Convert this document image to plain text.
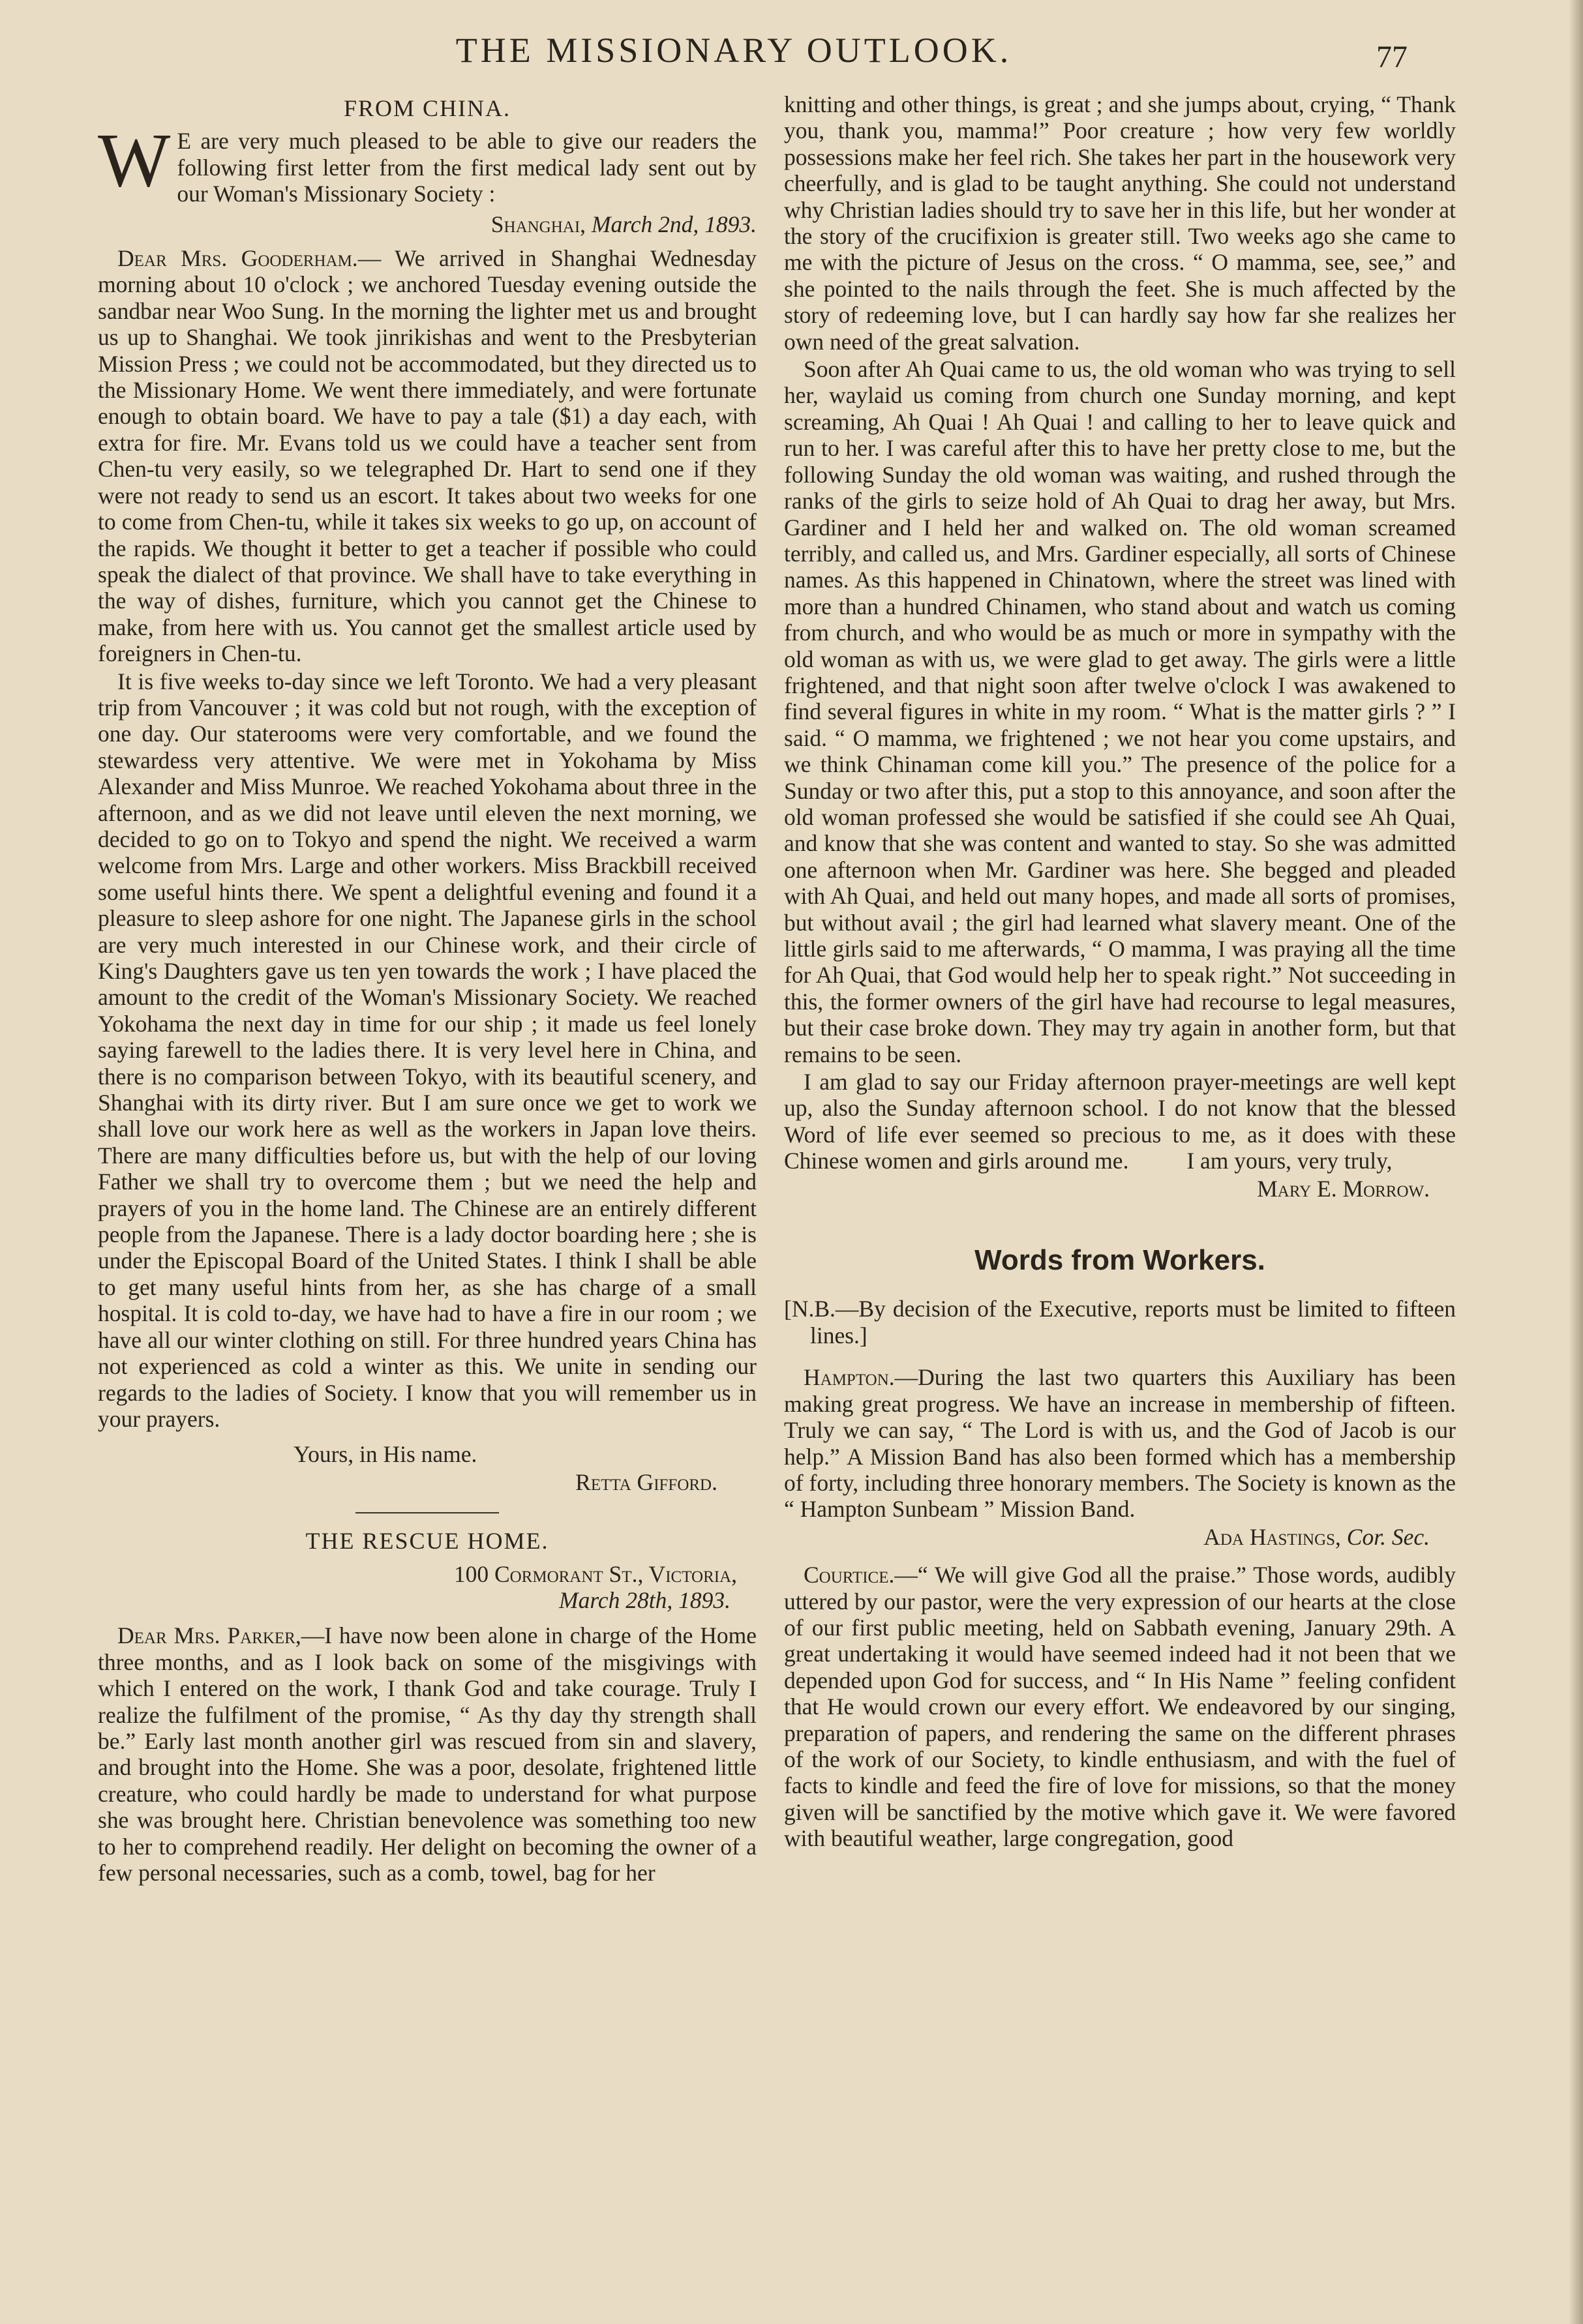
THE MISSIONARY OUTLOOK.	77
FROM CHINA.

W E are very much pleased to be able to give our readers the following first letter from the first medical lady sent out by our Woman's Missionary Society :

Shanghai, March 2nd, 1893.

Dear Mrs. Gooderham.— We arrived in Shanghai Wednesday morning about 10 o'clock ; we anchored Tuesday evening outside the sandbar near Woo Sung. In the morning the lighter met us and brought us up to Shanghai. We took jinrikishas and went to the Presbyterian Mission Press ; we could not be accommodated, but they directed us to the Missionary Home. We went there immediately, and were fortunate enough to obtain board. We have to pay a tale ($1) a day each, with extra for fire. Mr. Evans told us we could have a teacher sent from Chen-tu very easily, so we telegraphed Dr. Hart to send one if they were not ready to send us an escort. It takes about two weeks for one to come from Chen-tu, while it takes six weeks to go up, on account of the rapids. We thought it better to get a teacher if possible who could speak the dialect of that province. We shall have to take everything in the way of dishes, furniture, which you cannot get the Chinese to make, from here with us. You cannot get the smallest article used by foreigners in Chen-tu.

It is five weeks to-day since we left Toronto. We had a very pleasant trip from Vancouver ; it was cold but not rough, with the exception of one day. Our staterooms were very comfortable, and we found the stewardess very attentive. We were met in Yokohama by Miss Alexander and Miss Munroe. We reached Yokohama about three in the afternoon, and as we did not leave until eleven the next morning, we decided to go on to Tokyo and spend the night. We received a warm welcome from Mrs. Large and other workers. Miss Brackbill received some useful hints there. We spent a delightful evening and found it a pleasure to sleep ashore for one night. The Japanese girls in the school are very much interested in our Chinese work, and their circle of King's Daughters gave us ten yen towards the work ; I have placed the amount to the credit of the Woman's Missionary Society. We reached Yokohama the next day in time for our ship ; it made us feel lonely saying farewell to the ladies there. It is very level here in China, and there is no comparison between Tokyo, with its beautiful scenery, and Shanghai with its dirty river. But I am sure once we get to work we shall love our work here as well as the workers in Japan love theirs. There are many difficulties before us, but with the help of our loving Father we shall try to overcome them ; but we need the help and prayers of you in the home land. The Chinese are an entirely different people from the Japanese. There is a lady doctor boarding here ; she is under the Episcopal Board of the United States. I think I shall be able to get many useful hints from her, as she has charge of a small hospital. It is cold to-day, we have had to have a fire in our room ; we have all our winter clothing on still. For three hundred years China has not experienced as cold a winter as this. We unite in sending our regards to the ladies of Society. I know that you will remember us in your prayers.

Yours, in His name.
Retta Gifford.
THE RESCUE HOME.
100 Cormorant St., Victoria,
March 28th, 1893.

Dear Mrs. Parker,—I have now been alone in charge of the Home three months, and as I look back on some of the misgivings with which I entered on the work, I thank God and take courage. Truly I realize the fulfilment of the promise, “ As thy day thy strength shall be.” Early last month another girl was rescued from sin and slavery, and brought into the Home. She was a poor, desolate, frightened little creature, who could hardly be made to understand for what purpose she was brought here. Christian benevolence was something too new to her to comprehend readily. Her delight on becoming the owner of a few personal necessaries, such as a comb, towel, bag for her

knitting and other things, is great ; and she jumps about, crying, “ Thank you, thank you, mamma!” Poor creature ; how very few worldly possessions make her feel rich. She takes her part in the housework very cheerfully, and is glad to be taught anything. She could not understand why Christian ladies should try to save her in this life, but her wonder at the story of the crucifixion is greater still. Two weeks ago she came to me with the picture of Jesus on the cross. “ O mamma, see, see,” and she pointed to the nails through the feet. She is much affected by the story of redeeming love, but I can hardly say how far she realizes her own need of the great salvation.

Soon after Ah Quai came to us, the old woman who was trying to sell her, waylaid us coming from church one Sunday morning, and kept screaming, Ah Quai ! Ah Quai ! and calling to her to leave quick and run to her. I was careful after this to have her pretty close to me, but the following Sunday the old woman was waiting, and rushed through the ranks of the girls to seize hold of Ah Quai to drag her away, but Mrs. Gardiner and I held her and walked on. The old woman screamed terribly, and called us, and Mrs. Gardiner especially, all sorts of Chinese names. As this happened in Chinatown, where the street was lined with more than a hundred Chinamen, who stand about and watch us coming from church, and who would be as much or more in sympathy with the old woman as with us, we were glad to get away. The girls were a little frightened, and that night soon after twelve o'clock I was awakened to find several figures in white in my room. “ What is the matter girls ? ” I said. “ O mamma, we frightened ; we not hear you come upstairs, and we think Chinaman come kill you.” The presence of the police for a Sunday or two after this, put a stop to this annoyance, and soon after the old woman professed she would be satisfied if she could see Ah Quai, and know that she was content and wanted to stay. So she was admitted one afternoon when Mr. Gardiner was here. She begged and pleaded with Ah Quai, and held out many hopes, and made all sorts of promises, but without avail ; the girl had learned what slavery meant. One of the little girls said to me afterwards, “ O mamma, I was praying all the time for Ah Quai, that God would help her to speak right.” Not succeeding in this, the former owners of the girl have had recourse to legal measures, but their case broke down. They may try again in another form, but that remains to be seen.

I am glad to say our Friday afternoon prayer-meetings are well kept up, also the Sunday afternoon school. I do not know that the blessed Word of life ever seemed so precious to me, as it does with these Chinese women and girls around me.	I am yours, very truly,

Mary E. Morrow.
Words from Workers.

[N.B.—By decision of the Executive, reports must be limited to fifteen lines.]

Hampton.—During the last two quarters this Auxiliary has been making great progress. We have an increase in membership of fifteen. Truly we can say, “ The Lord is with us, and the God of Jacob is our help.” A Mission Band has also been formed which has a membership of forty, including three honorary members. The Society is known as the “ Hampton Sunbeam ” Mission Band.

Ada Hastings, Cor. Sec.

Courtice.—“ We will give God all the praise.” Those words, audibly uttered by our pastor, were the very expression of our hearts at the close of our first public meeting, held on Sabbath evening, January 29th. A great undertaking it would have seemed indeed had it not been that we depended upon God for success, and “ In His Name ” feeling confident that He would crown our every effort. We endeavored by our singing, preparation of papers, and rendering the same on the different phrases of the work of our Society, to kindle enthusiasm, and with the fuel of facts to kindle and feed the fire of love for missions, so that the money given will be sanctified by the motive which gave it. We were favored with beautiful weather, large congregation, good
